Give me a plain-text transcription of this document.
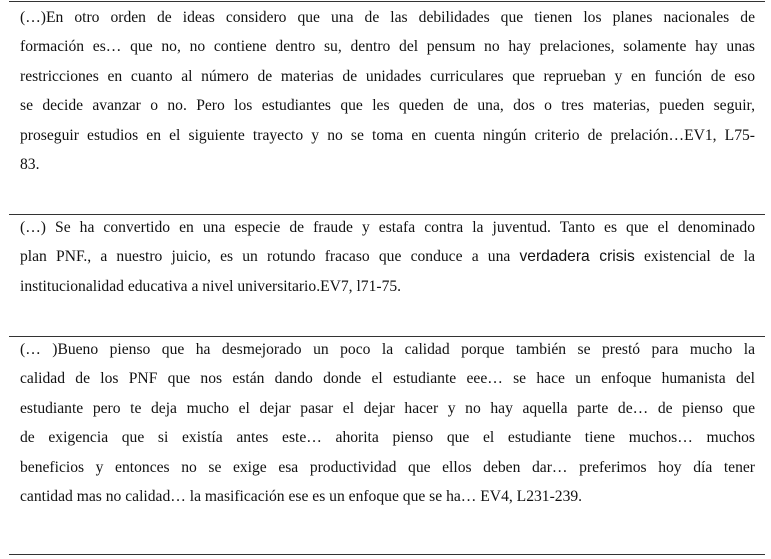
(…)En otro orden de ideas considero que una de las debilidades que tienen los planes nacionales de
formación es… que no, no contiene dentro su, dentro del pensum no hay prelaciones, solamente hay unas
restricciones en cuanto al número de materias de unidades curriculares que reprueban y en función de eso
se decide avanzar o no. Pero los estudiantes que les queden de una, dos o tres materias, pueden seguir,
proseguir estudios en el siguiente trayecto y no se toma en cuenta ningún criterio de prelación…EV1, L75-
83.

(…) Se ha convertido en una especie de fraude y estafa contra la juventud. Tanto es que el denominado
plan PNF., a nuestro juicio, es un rotundo fracaso que conduce a una verdadera crisis existencial de la
institucionalidad educativa a nivel universitario.EV7, l71-75.

(… )Bueno pienso que ha desmejorado un poco la calidad porque también se prestó para mucho la
calidad de los PNF que nos están dando donde el estudiante eee… se hace un enfoque humanista del
estudiante pero te deja mucho el dejar pasar el dejar hacer y no hay aquella parte de… de pienso que
de exigencia que si existía antes este… ahorita pienso que el estudiante tiene muchos… muchos
beneficios y entonces no se exige esa productividad que ellos deben dar… preferimos hoy día tener
cantidad mas no calidad… la masificación ese es un enfoque que se ha… EV4, L231-239.
